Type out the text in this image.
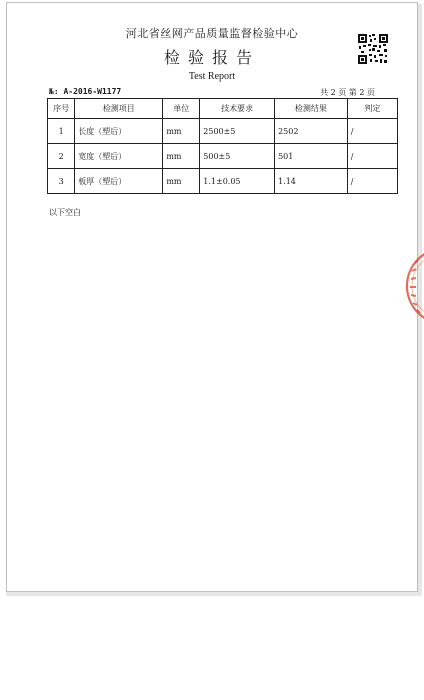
河北省丝网产品质量监督检验中心
检验报告
Test Report
№: A-2016-W1177	共 2 页 第 2 页
序号	检测项目	单位	技术要求	检测结果	判定
1	长度（塑后）	mm	2500±5	2502	/
2	宽度（塑后）	mm	500±5	501	/
3	板厚（塑后）	mm	1.1±0.05	1.14	/
以下空白
